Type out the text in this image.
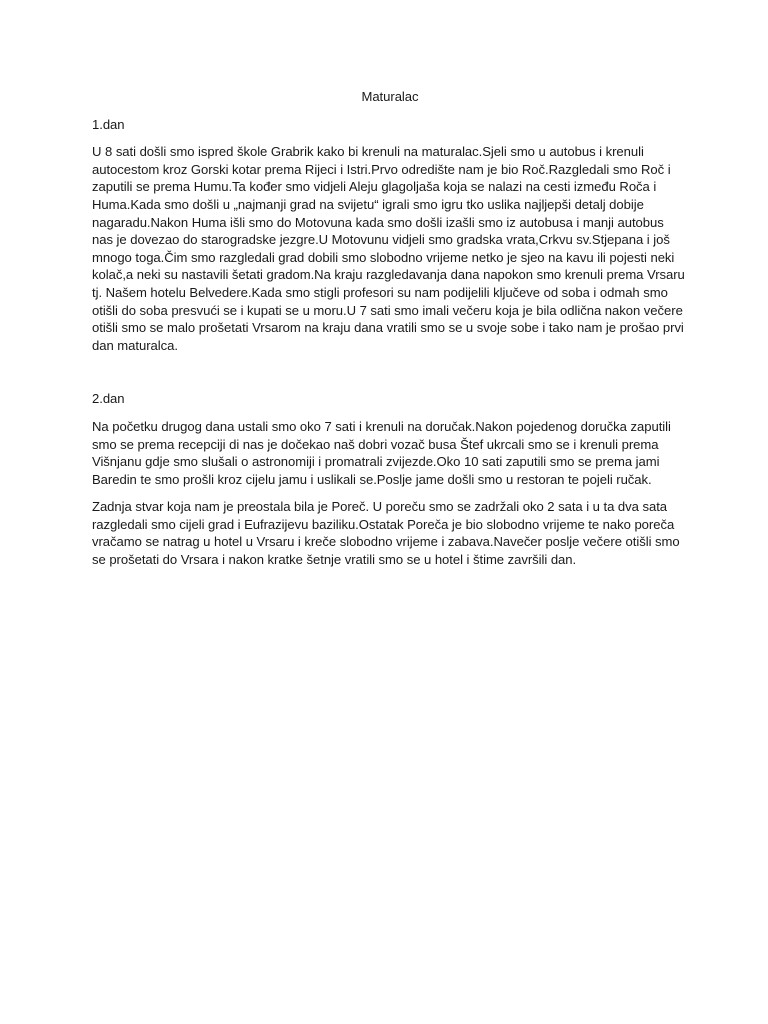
Maturalac
1.dan

U 8 sati došli smo ispred škole Grabrik kako bi krenuli na maturalac.Sjeli smo u autobus i krenuli autocestom kroz Gorski kotar prema Rijeci i Istri.Prvo odredište nam je bio Roč.Razgledali smo Roč i zaputili se prema Humu.Ta kođer smo vidjeli Aleju glagoljaša koja se nalazi na cesti između Roča i Huma.Kada smo došli u „najmanji grad na svijetu“ igrali smo igru tko uslika najljepši detalj dobije nagaradu.Nakon Huma išli smo do Motovuna kada smo došli izašli smo iz autobusa i manji autobus nas je dovezao do starogradske jezgre.U Motovunu vidjeli smo gradska vrata,Crkvu sv.Stjepana i još mnogo toga.Čim smo razgledali grad dobili smo slobodno vrijeme netko je sjeo na kavu ili pojesti neki kolač,a neki su nastavili šetati gradom.Na kraju razgledavanja dana napokon smo krenuli prema Vrsaru tj. Našem hotelu Belvedere.Kada smo stigli profesori su nam podijelili ključeve od soba i odmah smo otišli do soba presvući se i kupati se u moru.U 7 sati smo imali večeru koja je bila odlična nakon večere otišli smo se malo prošetati Vrsarom na kraju dana vratili smo se u svoje sobe i tako nam je prošao prvi dan maturalca.

2.dan

Na početku drugog dana ustali smo oko 7 sati i krenuli na doručak.Nakon pojedenog doručka zaputili smo se prema recepciji di nas je dočekao naš dobri vozač busa Štef ukrcali smo se i krenuli prema Višnjanu gdje smo slušali o astronomiji i promatrali zvijezde.Oko 10 sati zaputili smo se prema jami Baredin te smo prošli kroz cijelu jamu i uslikali se.Poslje jame došli smo u restoran te pojeli ručak.

Zadnja stvar koja nam je preostala bila je Poreč. U poreču smo se zadržali oko 2 sata i u ta dva sata razgledali smo cijeli grad i Eufrazijevu baziliku.Ostatak Poreča je bio slobodno vrijeme te nako poreča vračamo se natrag u hotel u Vrsaru i kreče slobodno vrijeme i zabava.Navečer poslje večere otišli smo se prošetati do Vrsara i nakon kratke šetnje vratili smo se u hotel i štime završili dan.
